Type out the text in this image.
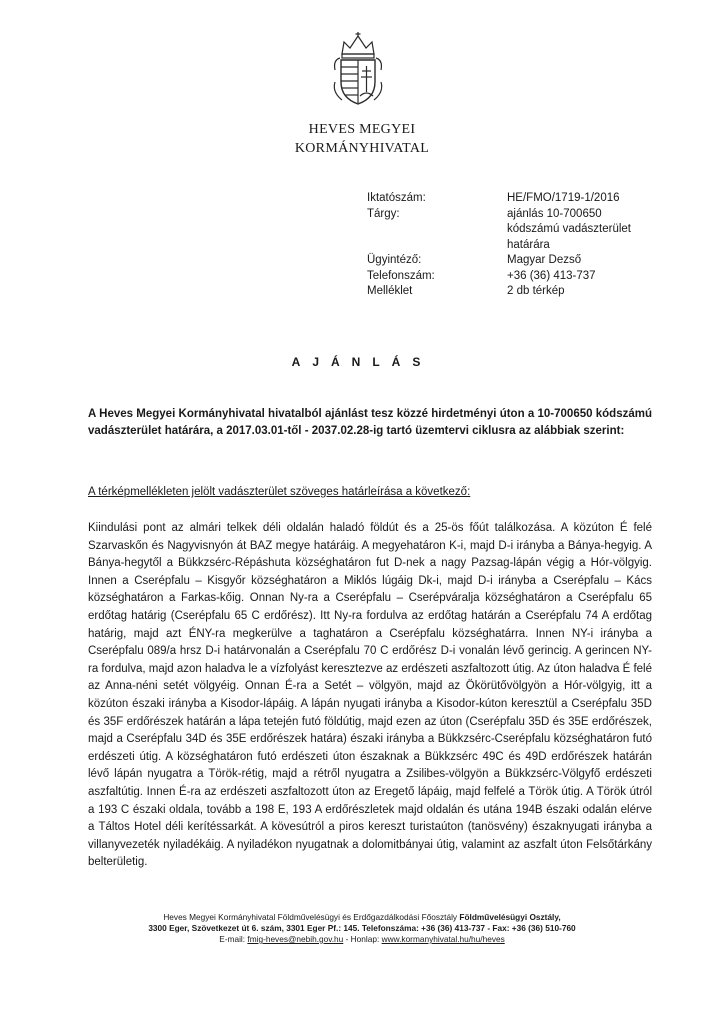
HEVES MEGYEI
KORMÁNYHIVATAL
Iktatószám:	HE/FMO/1719-1/2016
Tárgy:	ajánlás 10-700650
kódszámú vadászterület
határára
Ügyintéző:	Magyar Dezső
Telefonszám:	+36 (36) 413-737
Melléklet	2 db térkép
AJÁNLÁS

A Heves Megyei Kormányhivatal hivatalból ajánlást tesz közzé hirdetményi úton a 10-700650 kódszámú vadászterület határára, a 2017.03.01-től - 2037.02.28-ig tartó üzemtervi ciklusra az alábbiak szerint:

A térképmellékleten jelölt vadászterület szöveges határleírása a következő:

Kiindulási pont az almári telkek déli oldalán haladó földút és a 25-ös főút találkozása. A közúton É felé Szarvaskőn és Nagyvisnyón át BAZ megye határáig. A megyehatáron K-i, majd D-i irányba a Bánya-hegyig. A Bánya-hegytől a Bükkzsérc-Répáshuta községhatáron fut D-nek a nagy Pazsag-lápán végig a Hór-völgyig. Innen a Cserépfalu – Kisgyőr községhatáron a Miklós lúgáig Dk-i, majd D-i irányba a Cserépfalu – Kács községhatáron a Farkas-kőig. Onnan Ny-ra a Cserépfalu – Cserépváralja községhatáron a Cserépfalu 65 erdőtag határig (Cserépfalu 65 C erdőrész). Itt Ny-ra fordulva az erdőtag határán a Cserépfalu 74 A erdőtag határig, majd azt ÉNY-ra megkerülve a taghatáron a Cserépfalu községhatárra. Innen NY-i irányba a Cserépfalu 089/a hrsz D-i határvonalán a Cserépfalu 70 C erdőrész D-i vonalán lévő gerincig. A gerincen NY-ra fordulva, majd azon haladva le a vízfolyást keresztezve az erdészeti aszfaltozott útig. Az úton haladva É felé az Anna-néni setét völgyéig. Onnan É-ra a Setét – völgyön, majd az Ökörütővölgyön a Hór-völgyig, itt a közúton északi irányba a Kisodor-lápáig. A lápán nyugati irányba a Kisodor-kúton keresztül a Cserépfalu 35D és 35F erdőrészek határán a lápa tetején futó földútig, majd ezen az úton (Cserépfalu 35D és 35E erdőrészek, majd a Cserépfalu 34D és 35E erdőrészek határa) északi irányba a Bükkzsérc-Cserépfalu községhatáron futó erdészeti útig. A községhatáron futó erdészeti úton északnak a Bükkzsérc 49C és 49D erdőrészek határán lévő lápán nyugatra a Török-rétig, majd a rétről nyugatra a Zsilibes-völgyön a Bükkzsérc-Völgyfő erdészeti aszfaltútig. Innen É-ra az erdészeti aszfaltozott úton az Eregető lápáig, majd felfelé a Török útig. A Török útról a 193 C északi oldala, tovább a 198 E, 193 A erdőrészletek majd oldalán és utána 194B északi odalán elérve a Táltos Hotel déli kerítéssarkát. A kövesútról a piros kereszt turistaúton (tanösvény) északnyugati irányba a villanyvezeték nyiladékáig. A nyiladékon nyugatnak a dolomitbányai útig, valamint az aszfalt úton Felsőtárkány belterületig.

Heves Megyei Kormányhivatal Földművelésügyi és Erdőgazdálkodási Főosztály Földművelésügyi Osztály,
3300 Eger, Szövetkezet út 6. szám, 3301 Eger Pf.: 145. Telefonszáma: +36 (36) 413-737 - Fax: +36 (36) 510-760
E-mail: fmig-heves@nebih.gov.hu - Honlap: www.kormanyhivatal.hu/hu/heves
